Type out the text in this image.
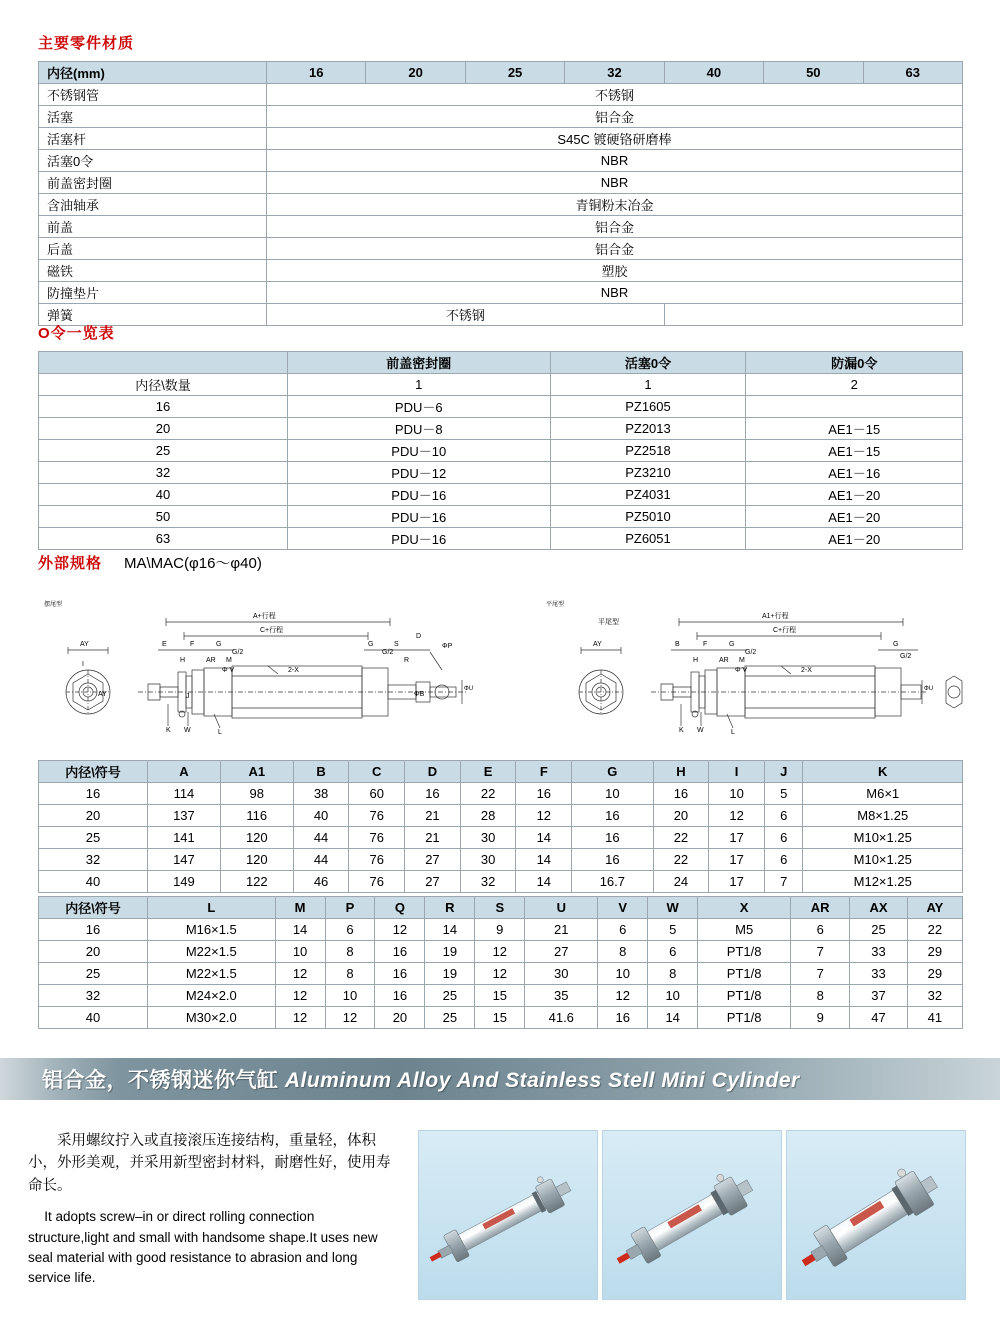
主要零件材质
内径(mm)	16	20	25	32	40	50	63
不锈钢管	不锈钢						
活塞	铝合金						
活塞杆	S45C 镀硬铬研磨棒						
活塞0令	NBR						
前盖密封圈	NBR						
含油轴承	青铜粉末冶金						
前盖	铝合金						
后盖	铝合金						
磁铁	塑胶						
防撞垫片	NBR						
弹簧	不锈钢						
O令一览表
	前盖密封圈	活塞0令	防漏0令
内径\数量	1	1	2
16	PDU－6	PZ1605	
20	PDU－8	PZ2013	AE1－15
25	PDU－10	PZ2518	AE1－15
32	PDU－12	PZ3210	AE1－16
40	PDU－16	PZ4031	AE1－20
50	PDU－16	PZ5010	AE1－20
63	PDU－16	PZ6051	AE1－20
外部规格 MA\MAC(φ16～φ40)
摆尾型
AY
I
AY
A+行程
C+行程
E	F	G	G	S
D
ΦP
H	AR M
G/2	G/2
R
Φ V	2-X
K W	L
J	ΦB
ΦU
平尾型
平尾型
AY
A1+行程
C+行程
B	F	G
H	AR M
G/2
Φ V	2-X
G
G/2
K W	L
ΦU
内径\符号	A	A1	B	C	D	E	F	G	H	I	J	K
16	114	98	38	60	16	22	16	10	16	10	5	M6×1
20	137	116	40	76	21	28	12	16	20	12	6	M8×1.25
25	141	120	44	76	21	30	14	16	22	17	6	M10×1.25
32	147	120	44	76	27	30	14	16	22	17	6	M10×1.25
40	149	122	46	76	27	32	14	16.7	24	17	7	M12×1.25
内径\符号	L	M	P	Q	R	S	U	V	W	X	AR	AX	AY
16	M16×1.5	14	6	12	14	9	21	6	5	M5	6	25	22
20	M22×1.5	10	8	16	19	12	27	8	6	PT1/8	7	33	29
25	M22×1.5	12	8	16	19	12	30	10	8	PT1/8	7	33	29
32	M24×2.0	12	10	16	25	15	35	12	10	PT1/8	8	37	32
40	M30×2.0	12	12	20	25	15	41.6	16	14	PT1/8	9	47	41
铝合金，不锈钢迷你气缸 Aluminum Alloy And Stainless Stell Mini Cylinder

采用螺纹拧入或直接滚压连接结构，重量轻，体积小，外形美观，并采用新型密封材料，耐磨性好，使用寿命长。

It adopts screw–in or direct rolling connection structure,light and small with handsome shape.It uses new seal material with good resistance to abrasion and long service life.
